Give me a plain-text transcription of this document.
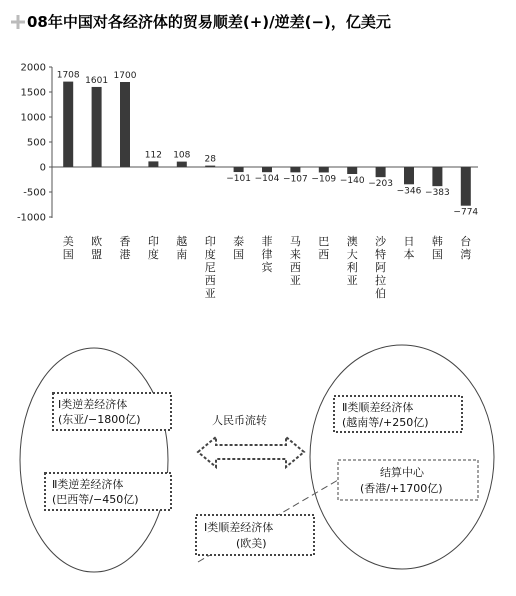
08年中国对各经济体的贸易顺差(+)/逆差(−)，亿美元
2000
1500
1000
500
0
-500
-1000
1708
1601 1700
112 108 28
−101 −104 −107 −109 −140 −203
−346 −383
−774
美国
欧盟
香港
印度
越南
印度尼西亚
泰国
菲律宾
马来西亚
巴西
澳大利亚
沙特阿拉伯
日本
韩国
台湾
Ⅰ类逆差经济体
(东亚/−1800亿)
Ⅱ类逆差经济体
(巴西等/−450亿)
Ⅱ类顺差经济体
(越南等/+250亿)
结算中心
(香港/+1700亿)
人民币流转
Ⅰ类顺差经济体
(欧美)
